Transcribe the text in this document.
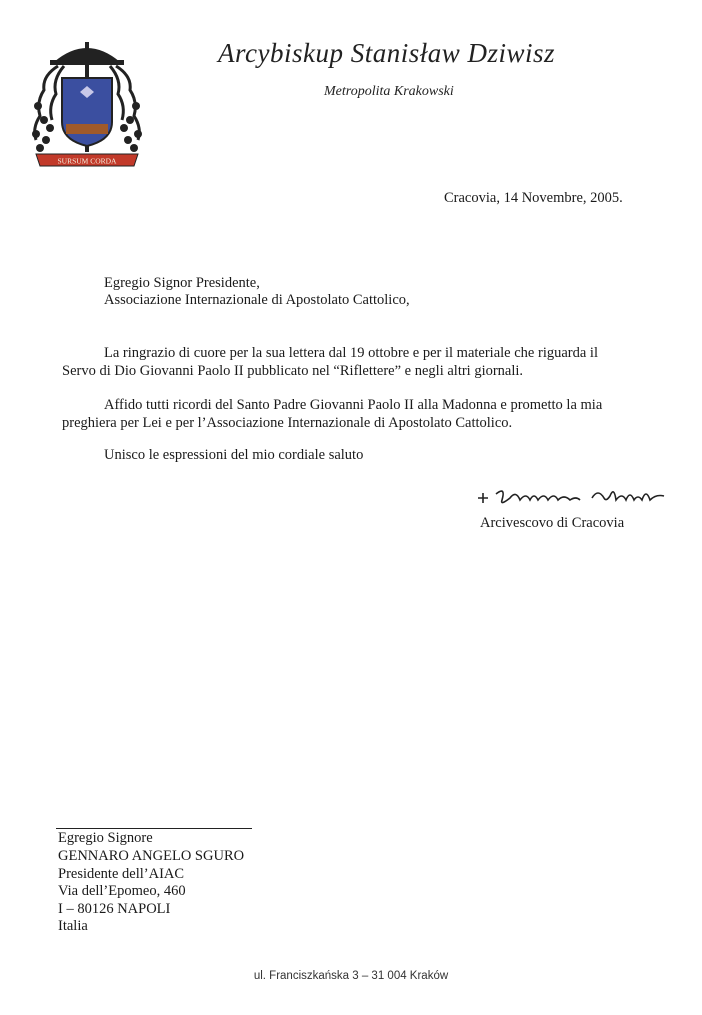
SURSUM CORDA
Arcybiskup Stanisław Dziwisz
Metropolita Krakowski
Cracovia, 14 Novembre, 2005.
Egregio Signor Presidente,
Associazione Internazionale di Apostolato Cattolico,
La ringrazio di cuore per la sua lettera dal 19 ottobre e per il materiale che riguarda il
Servo di Dio Giovanni Paolo II pubblicato nel “Riflettere” e negli altri giornali.
Affido tutti ricordi del Santo Padre Giovanni Paolo II alla Madonna e prometto la mia
preghiera per Lei e per l’Associazione Internazionale di Apostolato Cattolico.
Unisco le espressioni del mio cordiale saluto
Arcivescovo di Cracovia
Egregio Signore
GENNARO ANGELO SGURO
Presidente dell’AIAC
Via dell’Epomeo, 460
I – 80126 NAPOLI
Italia
ul. Franciszkańska 3 – 31 004 Kraków
